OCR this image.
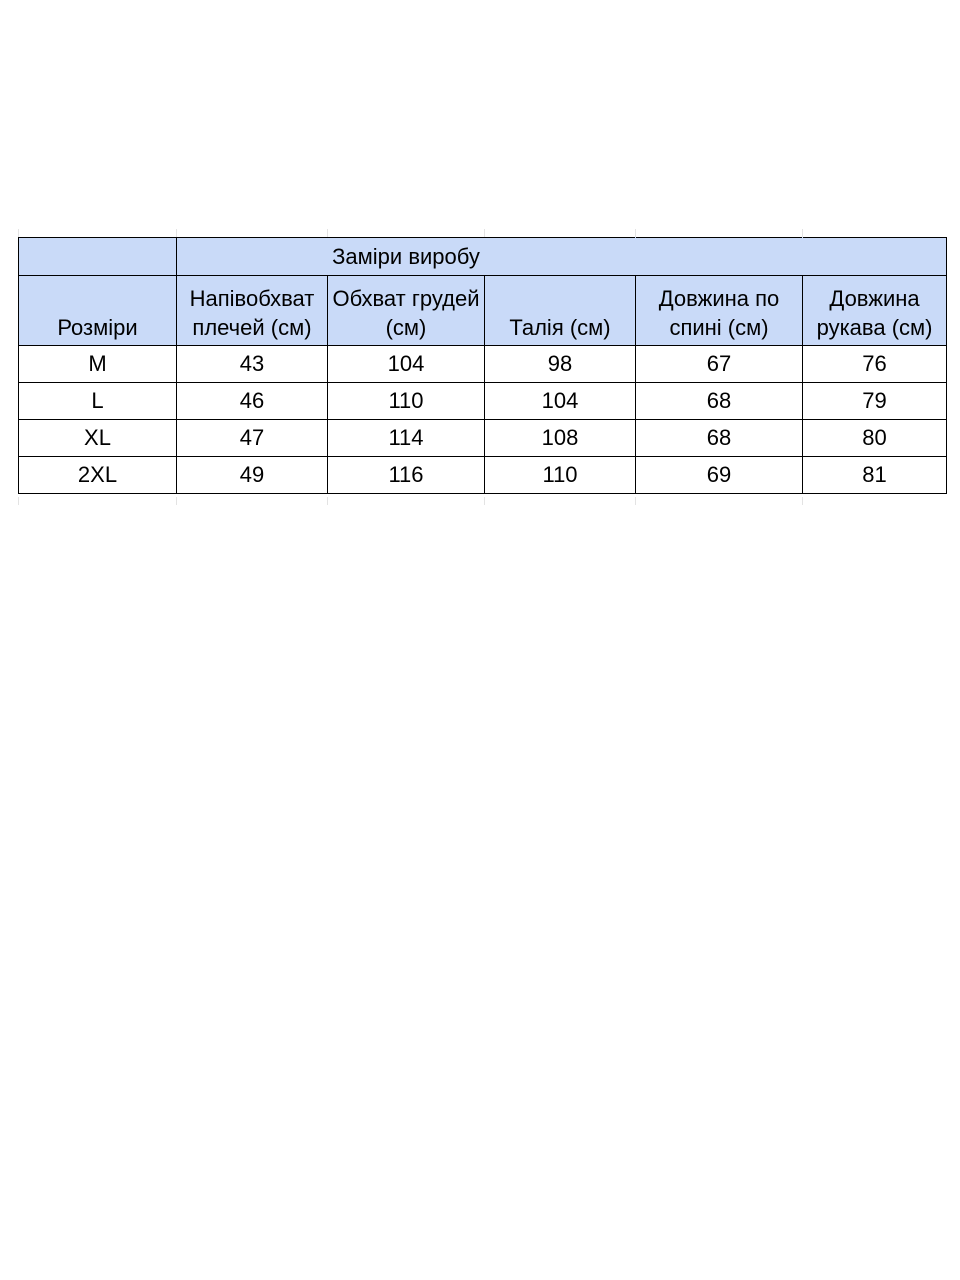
	Заміри виробу				
Розміри	Напівобхват плечей (см)	Обхват грудей (см)	Талія (см)	Довжина по спині (см)	Довжина рукава (см)
M	43	104	98	67	76
L	46	110	104	68	79
XL	47	114	108	68	80
2XL	49	116	110	69	81
